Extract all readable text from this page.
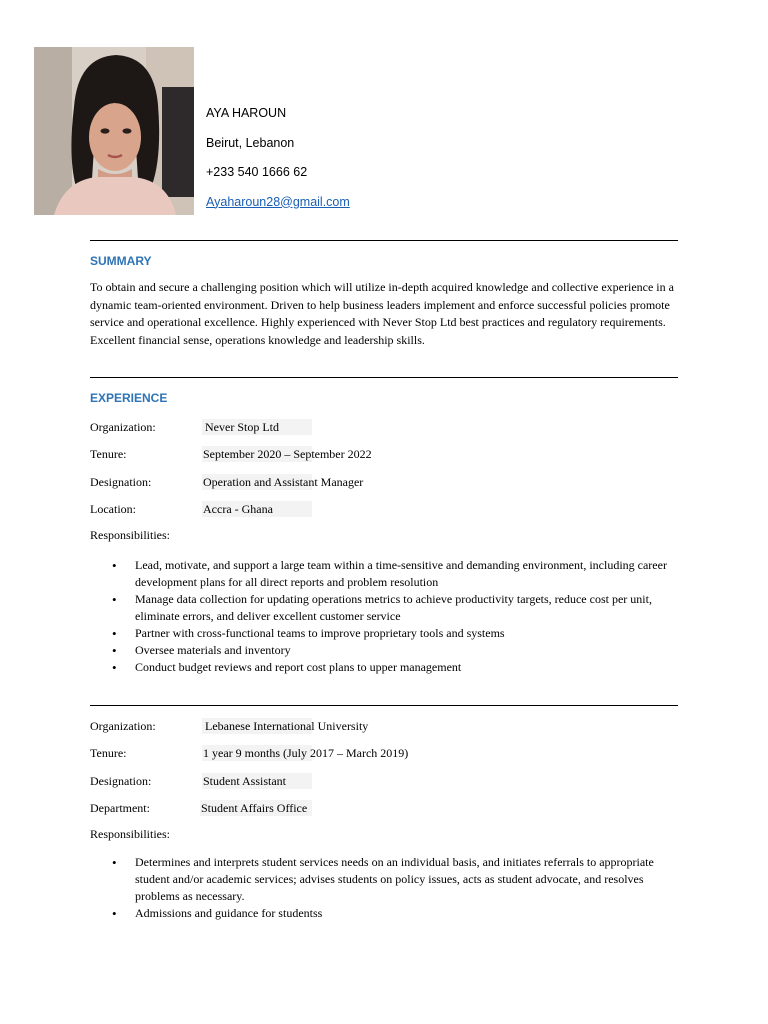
AYA HAROUN
Beirut, Lebanon
+233 540 1666 62
Ayaharoun28@gmail.com
SUMMARY
To obtain and secure a challenging position which will utilize in-depth acquired knowledge and collective experience in a dynamic team-oriented environment. Driven to help business leaders implement and enforce successful policies promote service and operational excellence. Highly experienced with Never Stop Ltd best practices and regulatory requirements. Excellent financial sense, operations knowledge and leadership skills.
EXPERIENCE
Organization:	Never Stop Ltd
Tenure:	September 2020 – September 2022
Designation:	Operation and Assistant Manager
Location:	Accra - Ghana
Responsibilities:
• Lead, motivate, and support a large team within a time-sensitive and demanding environment, including career development plans for all direct reports and problem resolution
• Manage data collection for updating operations metrics to achieve productivity targets, reduce cost per unit, eliminate errors, and deliver excellent customer service
• Partner with cross-functional teams to improve proprietary tools and systems
• Oversee materials and inventory
• Conduct budget reviews and report cost plans to upper management
Organization:	Lebanese International University
Tenure:	1 year 9 months (July 2017 – March 2019)
Designation:	Student Assistant
Department:	Student Affairs Office
Responsibilities:
• Determines and interprets student services needs on an individual basis, and initiates referrals to appropriate student and/or academic services; advises students on policy issues, acts as student advocate, and resolves problems as necessary.
• Admissions and guidance for studentss
